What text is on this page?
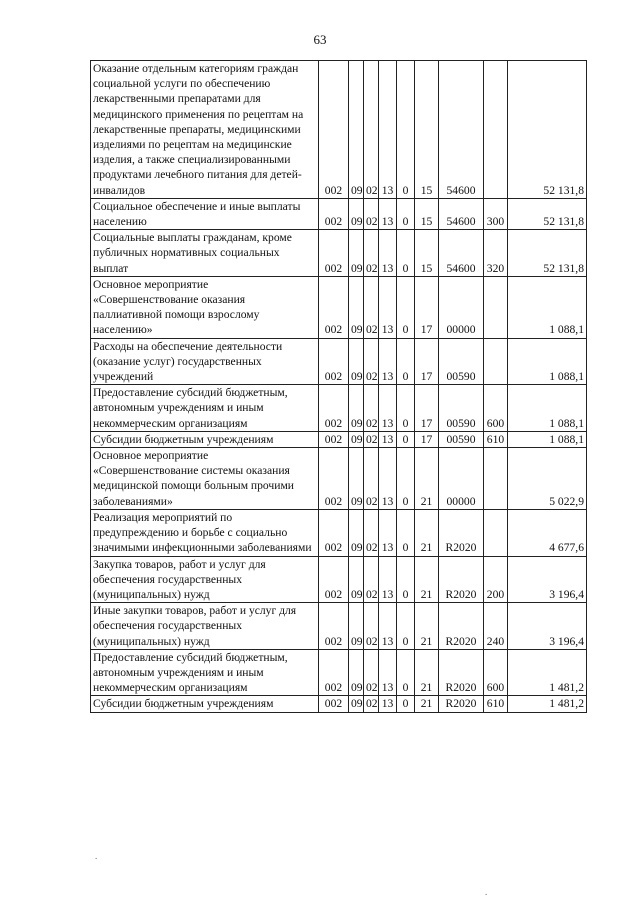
63
Оказание отдельным категориям граждан социальной услуги по обеспечению лекарственными препаратами для медицинского применения по рецептам на лекарственные препараты, медицинскими изделиями по рецептам на медицинские изделия, а также специализированными продуктами лечебного питания для детей-инвалидов	002	09	02	13	0	15	54600		52 131,8
Социальное обеспечение и иные выплаты населению	002	09	02	13	0	15	54600	300	52 131,8
Социальные выплаты гражданам, кроме публичных нормативных социальных выплат	002	09	02	13	0	15	54600	320	52 131,8
Основное мероприятие «Совершенствование оказания паллиативной помощи взрослому населению»	002	09	02	13	0	17	00000		1 088,1
Расходы на обеспечение деятельности (оказание услуг) государственных учреждений	002	09	02	13	0	17	00590		1 088,1
Предоставление субсидий бюджетным, автономным учреждениям и иным некоммерческим организациям	002	09	02	13	0	17	00590	600	1 088,1
Субсидии бюджетным учреждениям	002	09	02	13	0	17	00590	610	1 088,1
Основное мероприятие «Совершенствование системы оказания медицинской помощи больным прочими заболеваниями»	002	09	02	13	0	21	00000		5 022,9
Реализация мероприятий по предупреждению и борьбе с социально значимыми инфекционными заболеваниями	002	09	02	13	0	21	R2020		4 677,6
Закупка товаров, работ и услуг для обеспечения государственных (муниципальных) нужд	002	09	02	13	0	21	R2020	200	3 196,4
Иные закупки товаров, работ и услуг для обеспечения государственных (муниципальных) нужд	002	09	02	13	0	21	R2020	240	3 196,4
Предоставление субсидий бюджетным, автономным учреждениям и иным некоммерческим организациям	002	09	02	13	0	21	R2020	600	1 481,2
Субсидии бюджетным учреждениям	002	09	02	13	0	21	R2020	610	1 481,2
.
.
